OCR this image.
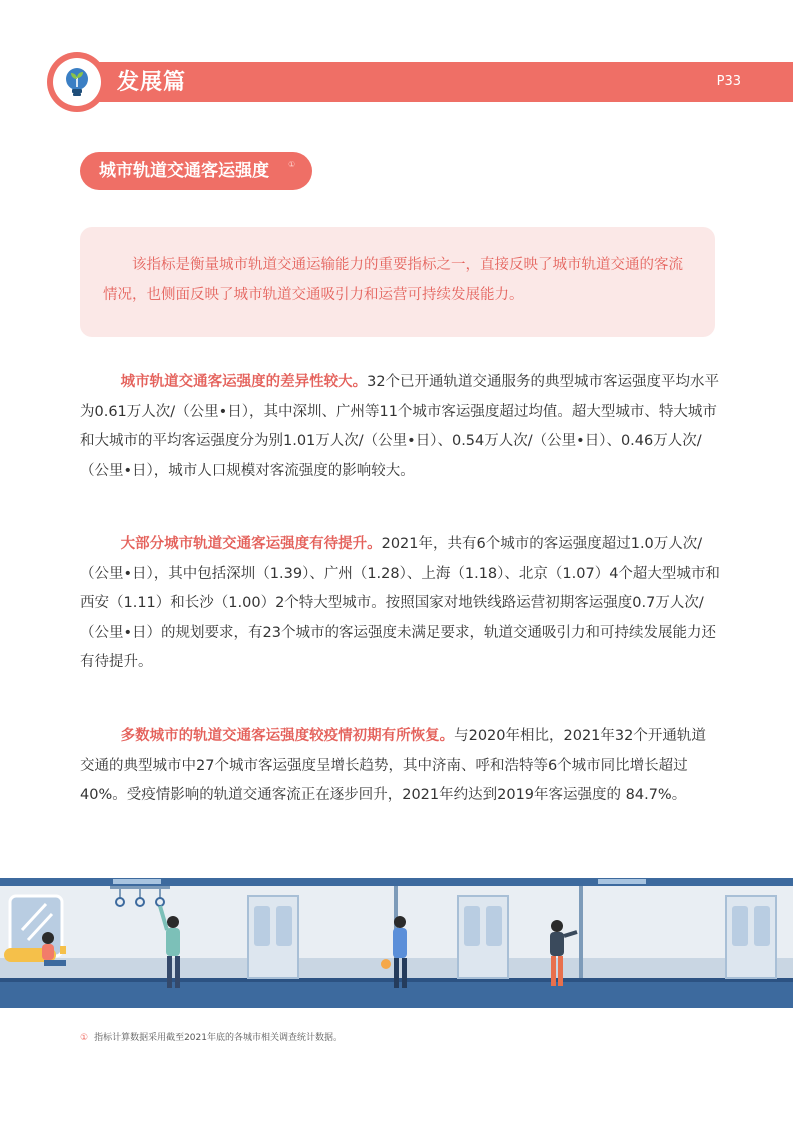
发展篇	P33
城市轨道交通客运强度 ①
该指标是衡量城市轨道交通运输能力的重要指标之一，直接反映了城市轨道交通的客流情况，也侧面反映了城市轨道交通吸引力和运营可持续发展能力。
城市轨道交通客运强度的差异性较大。32个已开通轨道交通服务的典型城市客运强度平均水平为0.61万人次/（公里•日），其中深圳、广州等11个城市客运强度超过均值。超大型城市、特大城市和大城市的平均客运强度分为别1.01万人次/（公里•日）、0.54万人次/（公里•日）、0.46万人次/（公里•日），城市人口规模对客流强度的影响较大。
大部分城市轨道交通客运强度有待提升。2021年，共有6个城市的客运强度超过1.0万人次/（公里•日），其中包括深圳（1.39）、广州（1.28）、上海（1.18）、北京（1.07）4个超大型城市和西安（1.11）和长沙（1.00）2个特大型城市。按照国家对地铁线路运营初期客运强度0.7万人次/（公里•日）的规划要求，有23个城市的客运强度未满足要求，轨道交通吸引力和可持续发展能力还有待提升。
多数城市的轨道交通客运强度较疫情初期有所恢复。与2020年相比，2021年32个开通轨道交通的典型城市中27个城市客运强度呈增长趋势，其中济南、呼和浩特等6个城市同比增长超过40%。受疫情影响的轨道交通客流正在逐步回升，2021年约达到2019年客运强度的 84.7%。
① 指标计算数据采用截至2021年底的各城市相关调查统计数据。
